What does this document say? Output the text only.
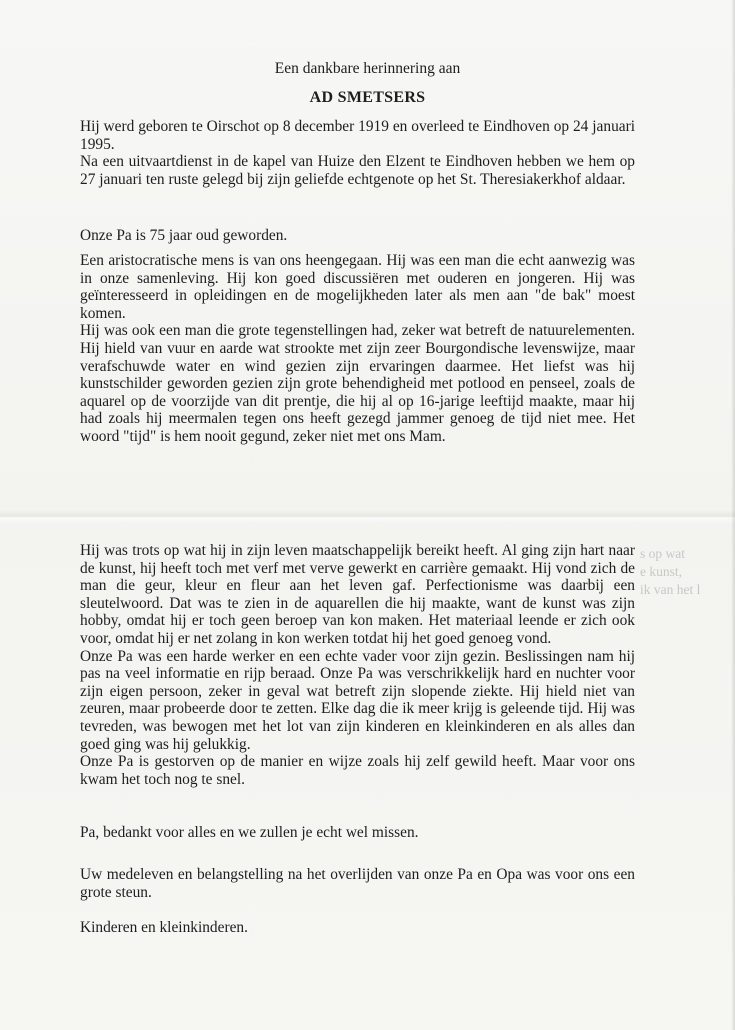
Een dankbare herinnering aan
AD SMETSERS

Hij werd geboren te Oirschot op 8 december 1919 en overleed te Eindhoven op 24 januari 1995.

Na een uitvaartdienst in de kapel van Huize den Elzent te Eindhoven hebben we hem op 27 januari ten ruste gelegd bij zijn geliefde echtgenote op het St. Theresiakerkhof aldaar.

Onze Pa is 75 jaar oud geworden.

Een aristocratische mens is van ons heengegaan. Hij was een man die echt aanwezig was in onze samenleving. Hij kon goed discussiëren met ouderen en jongeren. Hij was geïnteresseerd in opleidingen en de mogelijkheden later als men aan "de bak" moest komen.

Hij was ook een man die grote tegenstellingen had, zeker wat betreft de natuurelementen. Hij hield van vuur en aarde wat strookte met zijn zeer Bourgondische levenswijze, maar verafschuwde water en wind gezien zijn ervaringen daarmee. Het liefst was hij kunstschilder geworden gezien zijn grote behendigheid met potlood en penseel, zoals de aquarel op de voorzijde van dit prentje, die hij al op 16-jarige leeftijd maakte, maar hij had zoals hij meermalen tegen ons heeft gezegd jammer genoeg de tijd niet mee. Het woord "tijd" is hem nooit gegund, zeker niet met ons Mam.

Hij was trots op wat hij in zijn leven maatschappelijk bereikt heeft. Al ging zijn hart naar de kunst, hij heeft toch met verf met verve gewerkt en carrière gemaakt. Hij vond zich de man die geur, kleur en fleur aan het leven gaf. Perfectionisme was daarbij een sleutelwoord. Dat was te zien in de aquarellen die hij maakte, want de kunst was zijn hobby, omdat hij er toch geen beroep van kon maken. Het materiaal leende er zich ook voor, omdat hij er net zolang in kon werken totdat hij het goed genoeg vond.

Onze Pa was een harde werker en een echte vader voor zijn gezin. Beslissingen nam hij pas na veel informatie en rijp beraad. Onze Pa was verschrikkelijk hard en nuchter voor zijn eigen persoon, zeker in geval wat betreft zijn slopende ziekte. Hij hield niet van zeuren, maar probeerde door te zetten. Elke dag die ik meer krijg is geleende tijd. Hij was tevreden, was bewogen met het lot van zijn kinderen en kleinkinderen en als alles dan goed ging was hij gelukkig.

Onze Pa is gestorven op de manier en wijze zoals hij zelf gewild heeft. Maar voor ons kwam het toch nog te snel.

Pa, bedankt voor alles en we zullen je echt wel missen.

Uw medeleven en belangstelling na het overlijden van onze Pa en Opa was voor ons een grote steun.

Kinderen en kleinkinderen.

s op wat
e kunst,
ik van het l
